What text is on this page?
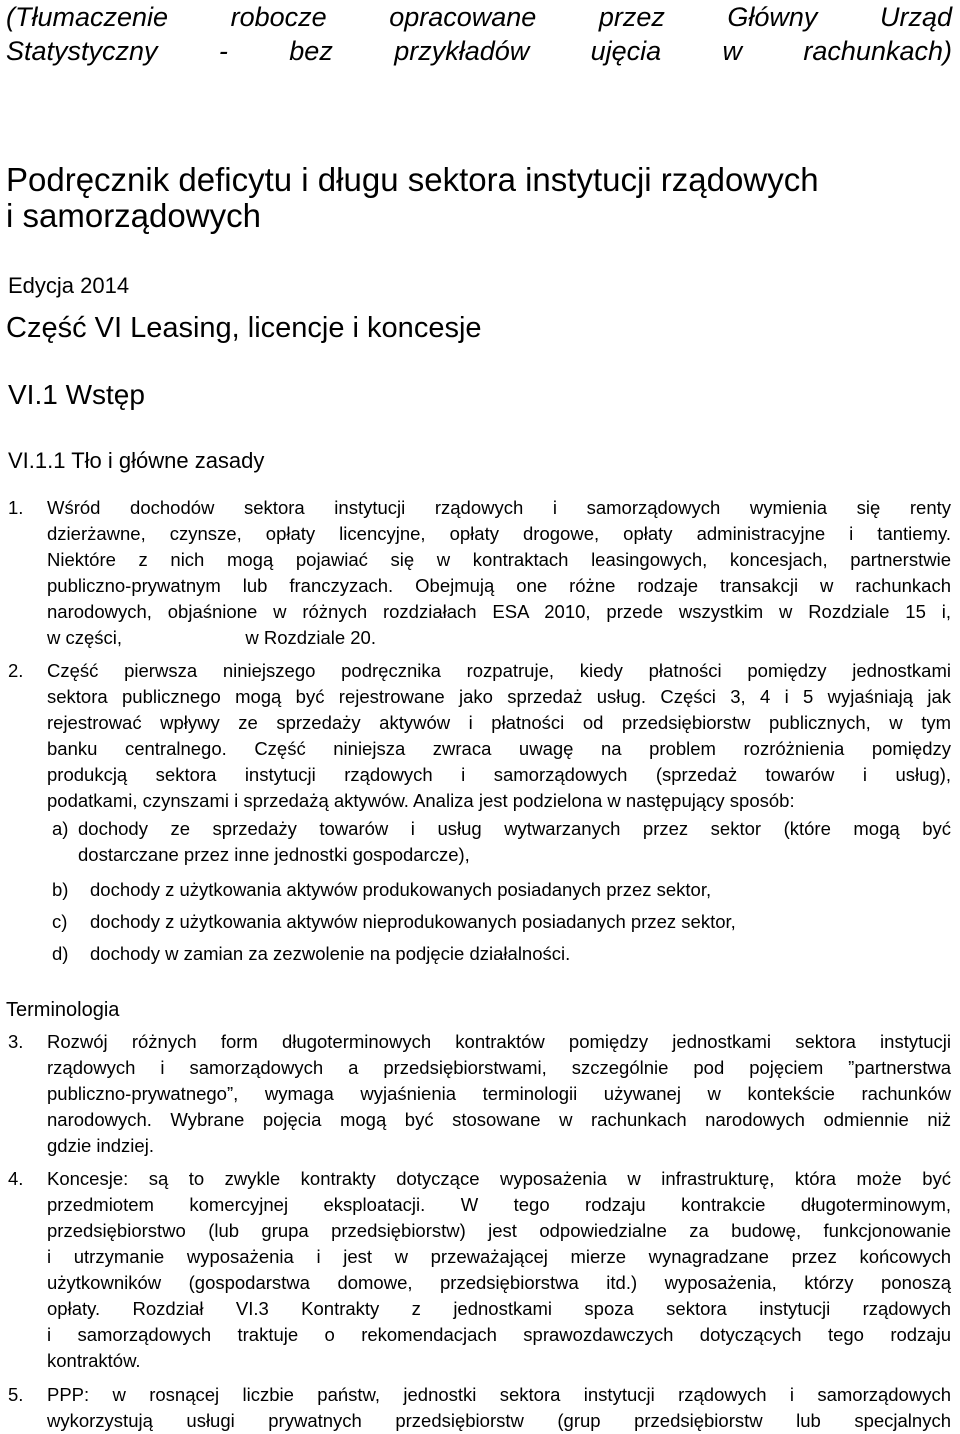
(Tłumaczenie robocze opracowane przez Główny Urząd
Statystyczny - bez przykładów ujęcia w rachunkach)
Podręcznik deficytu i długu sektora instytucji rządowych
i samorządowych
Edycja 2014
Część VI Leasing, licencje i koncesje
VI.1 Wstęp
VI.1.1 Tło i główne zasady
1. Wśród dochodów sektora instytucji rządowych i samorządowych wymienia się renty
dzierżawne, czynsze, opłaty licencyjne, opłaty drogowe, opłaty administracyjne i tantiemy.
Niektóre z nich mogą pojawiać się w kontraktach leasingowych, koncesjach, partnerstwie
publiczno-prywatnym lub franczyzach. Obejmują one różne rodzaje transakcji w rachunkach
narodowych, objaśnione w różnych rozdziałach ESA 2010, przede wszystkim w Rozdziale 15 i,
w części,                        w Rozdziale 20.
2. Część pierwsza niniejszego podręcznika rozpatruje, kiedy płatności pomiędzy jednostkami
sektora publicznego mogą być rejestrowane jako sprzedaż usług. Części 3, 4 i 5 wyjaśniają jak
rejestrować wpływy ze sprzedaży aktywów i płatności od przedsiębiorstw publicznych, w tym
banku centralnego. Część niniejsza zwraca uwagę na problem rozróżnienia pomiędzy
produkcją sektora instytucji rządowych i samorządowych (sprzedaż towarów i usług),
podatkami, czynszami i sprzedażą aktywów. Analiza jest podzielona w następujący sposób:
a) dochody ze sprzedaży towarów i usług wytwarzanych przez sektor (które mogą być
dostarczane przez inne jednostki gospodarcze),
b) dochody z użytkowania aktywów produkowanych posiadanych przez sektor,
c) dochody z użytkowania aktywów nieprodukowanych posiadanych przez sektor,
d) dochody w zamian za zezwolenie na podjęcie działalności.
Terminologia
3. Rozwój różnych form długoterminowych kontraktów pomiędzy jednostkami sektora instytucji
rządowych i samorządowych a przedsiębiorstwami, szczególnie pod pojęciem ”partnerstwa
publiczno-prywatnego”, wymaga wyjaśnienia terminologii używanej w kontekście rachunków
narodowych. Wybrane pojęcia mogą być stosowane w rachunkach narodowych odmiennie niż
gdzie indziej.
4. Koncesje: są to zwykle kontrakty dotyczące wyposażenia w infrastrukturę, która może być
przedmiotem komercyjnej eksploatacji. W tego rodzaju kontrakcie długoterminowym,
przedsiębiorstwo (lub grupa przedsiębiorstw) jest odpowiedzialne za budowę, funkcjonowanie
i utrzymanie wyposażenia i jest w przeważającej mierze wynagradzane przez końcowych
użytkowników (gospodarstwa domowe, przedsiębiorstwa itd.) wyposażenia, którzy ponoszą
opłaty. Rozdział VI.3 Kontrakty z jednostkami spoza sektora instytucji rządowych
i samorządowych traktuje o rekomendacjach sprawozdawczych dotyczących tego rodzaju
kontraktów.
5. PPP: w rosnącej liczbie państw, jednostki sektora instytucji rządowych i samorządowych
wykorzystują usługi prywatnych przedsiębiorstw (grup przedsiębiorstw lub specjalnych
